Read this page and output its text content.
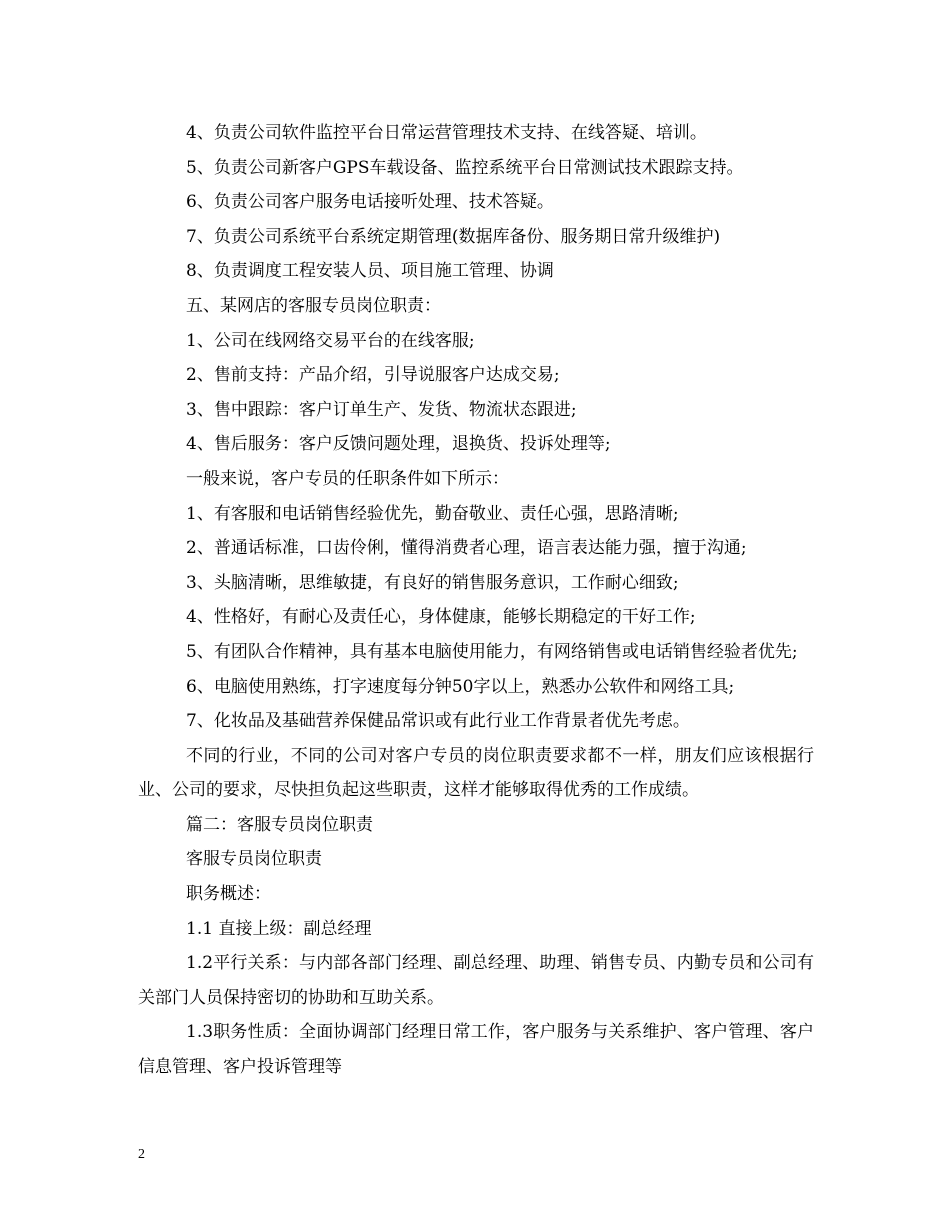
4、负责公司软件监控平台日常运营管理技术支持、在线答疑、培训。

5、负责公司新客户GPS车载设备、监控系统平台日常测试技术跟踪支持。

6、负责公司客户服务电话接听处理、技术答疑。

7、负责公司系统平台系统定期管理(数据库备份、服务期日常升级维护)

8、负责调度工程安装人员、项目施工管理、协调

五、某网店的客服专员岗位职责：

1、公司在线网络交易平台的在线客服;

2、售前支持：产品介绍，引导说服客户达成交易;

3、售中跟踪：客户订单生产、发货、物流状态跟进;

4、售后服务：客户反馈问题处理，退换货、投诉处理等;

一般来说，客户专员的任职条件如下所示：

1、有客服和电话销售经验优先，勤奋敬业、责任心强，思路清晰;

2、普通话标准，口齿伶俐，懂得消费者心理，语言表达能力强，擅于沟通;

3、头脑清晰，思维敏捷，有良好的销售服务意识，工作耐心细致;

4、性格好，有耐心及责任心，身体健康，能够长期稳定的干好工作;

5、有团队合作精神，具有基本电脑使用能力，有网络销售或电话销售经验者优先;

6、电脑使用熟练，打字速度每分钟50字以上，熟悉办公软件和网络工具;

7、化妆品及基础营养保健品常识或有此行业工作背景者优先考虑。

不同的行业，不同的公司对客户专员的岗位职责要求都不一样，朋友们应该根据行业、公司的要求，尽快担负起这些职责，这样才能够取得优秀的工作成绩。

篇二：客服专员岗位职责

客服专员岗位职责

职务概述：

1.1 直接上级：副总经理

1.2平行关系：与内部各部门经理、副总经理、助理、销售专员、内勤专员和公司有关部门人员保持密切的协助和互助关系。

1.3职务性质：全面协调部门经理日常工作，客户服务与关系维护、客户管理、客户信息管理、客户投诉管理等

2
